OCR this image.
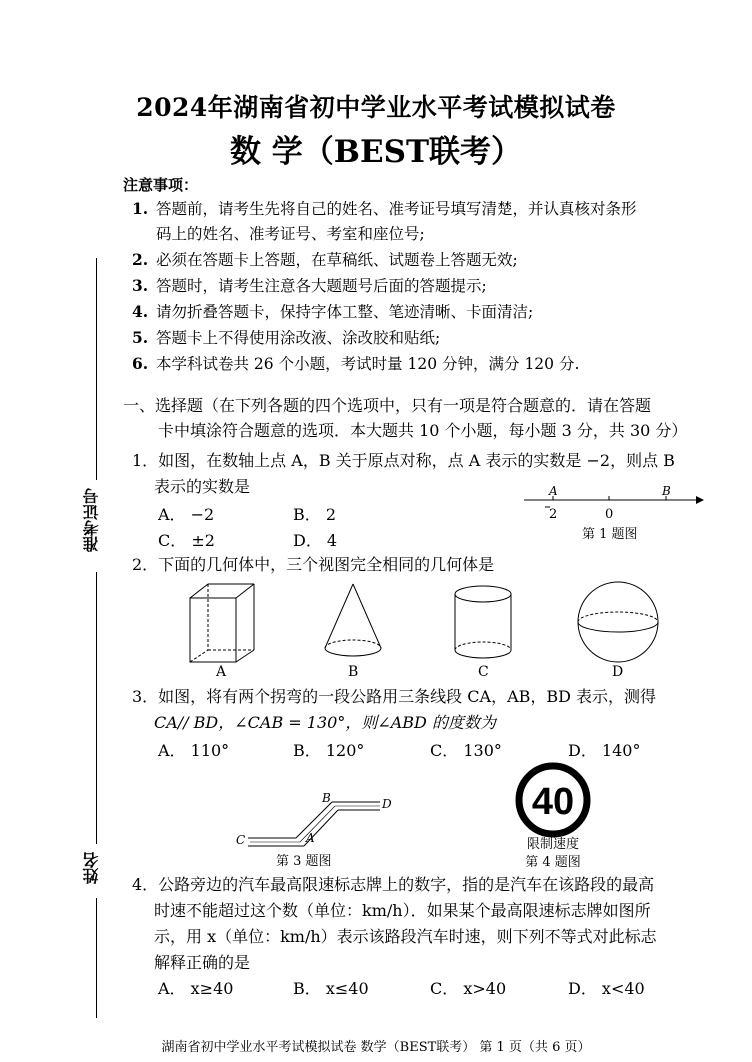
2024年湖南省初中学业水平考试模拟试卷
数 学（BEST联考）
准考证号
姓名
注意事项：
1. 答题前，请考生先将自己的姓名、准考证号填写清楚，并认真核对条形
码上的姓名、准考证号、考室和座位号;
2. 必须在答题卡上答题，在草稿纸、试题卷上答题无效;
3. 答题时，请考生注意各大题题号后面的答题提示;
4. 请勿折叠答题卡，保持字体工整、笔迹清晰、卡面清洁;
5. 答题卡上不得使用涂改液、涂改胶和贴纸;
6. 本学科试卷共 26 个小题，考试时量 120 分钟，满分 120 分.
一、选择题（在下列各题的四个选项中，只有一项是符合题意的．请在答题
卡中填涂符合题意的选项．本大题共 10 个小题，每小题 3 分，共 30 分）
1．如图，在数轴上点 A，B 关于原点对称，点 A 表示的实数是 −2，则点 B
表示的实数是
A． −2	B． 2
C． ±2	D． 4
A	B
2	0
第 1 题图
2．下面的几何体中，三个视图完全相同的几何体是
A	B	C	D
3．如图，将有两个拐弯的一段公路用三条线段 CA，AB，BD 表示，测得
CA// BD，∠CAB = 130°，则∠ABD 的度数为
A． 110°	B． 120°	C． 130°	D． 140°
B	D
A
C
第 3 题图
40
限制速度
第 4 题图
4．公路旁边的汽车最高限速标志牌上的数字，指的是汽车在该路段的最高
时速不能超过这个数（单位：km/h）．如果某个最高限速标志牌如图所
示，用 x（单位：km/h）表示该路段汽车时速，则下列不等式对此标志
解释正确的是
A． x≥40	B． x≤40	C． x>40	D． x<40
湖南省初中学业水平考试模拟试卷 数学（BEST联考） 第 1 页（共 6 页）
